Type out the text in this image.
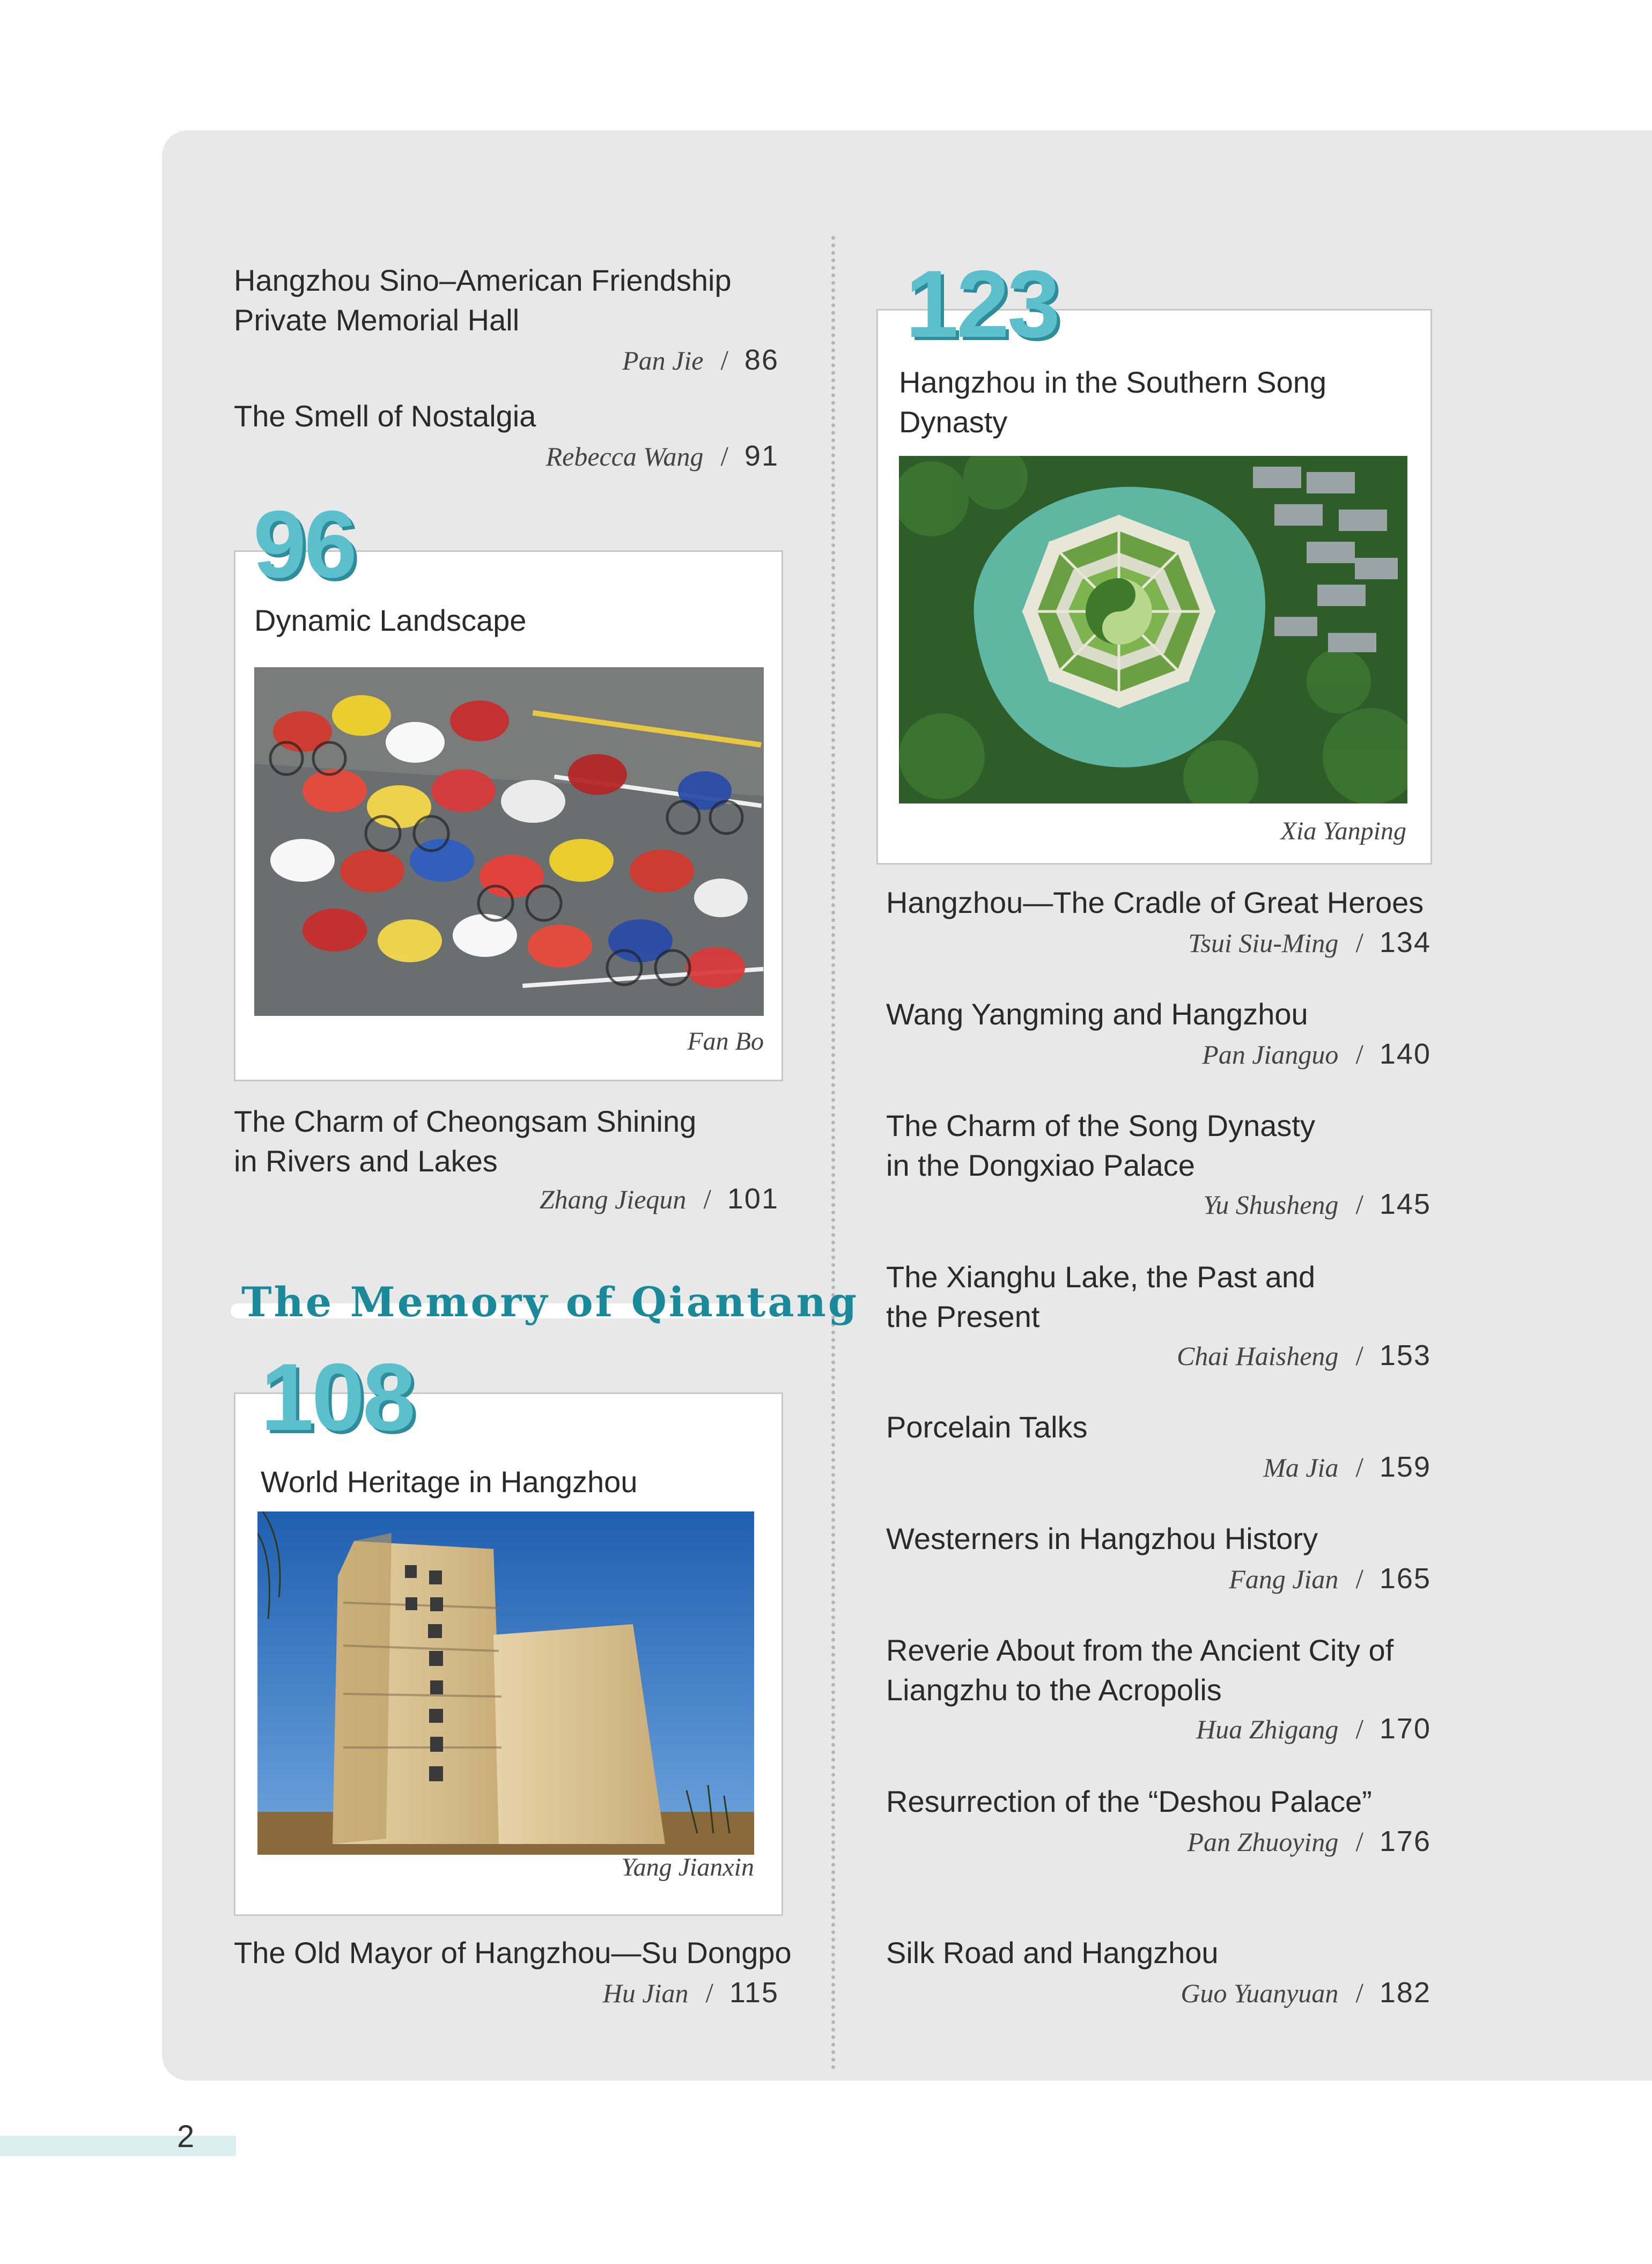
Hangzhou Sino–American Friendship
Private Memorial Hall
Pan Jie / 86
The Smell of Nostalgia
Rebecca Wang / 91
96
Dynamic Landscape
Fan Bo
The Charm of Cheongsam Shining
in Rivers and Lakes
Zhang Jiequn / 101
The Memory of Qiantang
108
World Heritage in Hangzhou
Yang Jianxin
The Old Mayor of Hangzhou—Su Dongpo
Hu Jian / 115
123
Hangzhou in the Southern Song
Dynasty
Xia Yanping
Hangzhou—The Cradle of Great Heroes
Tsui Siu-Ming / 134
Wang Yangming and Hangzhou
Pan Jianguo / 140
The Charm of the Song Dynasty
in the Dongxiao Palace
Yu Shusheng / 145
The Xianghu Lake, the Past and
the Present
Chai Haisheng / 153
Porcelain Talks
Ma Jia / 159
Westerners in Hangzhou History
Fang Jian / 165
Reverie About from the Ancient City of
Liangzhu to the Acropolis
Hua Zhigang / 170
Resurrection of the “Deshou Palace”
Pan Zhuoying / 176
Silk Road and Hangzhou
Guo Yuanyuan / 182
2
